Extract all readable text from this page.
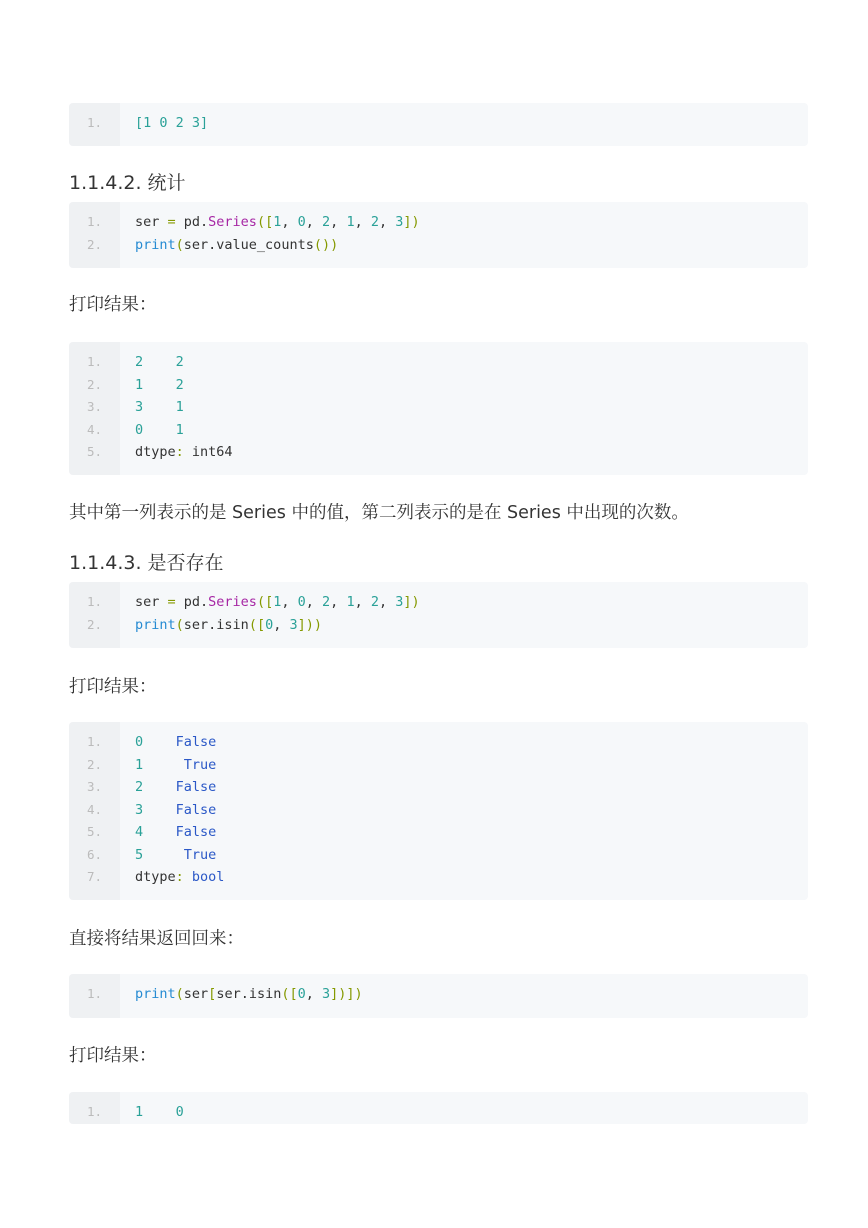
1.	[1 0 2 3]
1.1.4.2. 统计
1.	ser = pd.Series([1, 0, 2, 1, 2, 3])
2.	print(ser.value_counts())

打印结果：

1.	2    2
2.	1    2
3.	3    1
4.	0    1
5.	dtype: int64

其中第一列表示的是 Series 中的值，第二列表示的是在 Series 中出现的次数。

1.1.4.3. 是否存在
1.	ser = pd.Series([1, 0, 2, 1, 2, 3])
2.	print(ser.isin([0, 3]))

打印结果：

1.	0    False
2.	1     True
3.	2    False
4.	3    False
5.	4    False
6.	5     True
7.	dtype: bool

直接将结果返回回来：

1.	print(ser[ser.isin([0, 3])])

打印结果：

1.	1    0
